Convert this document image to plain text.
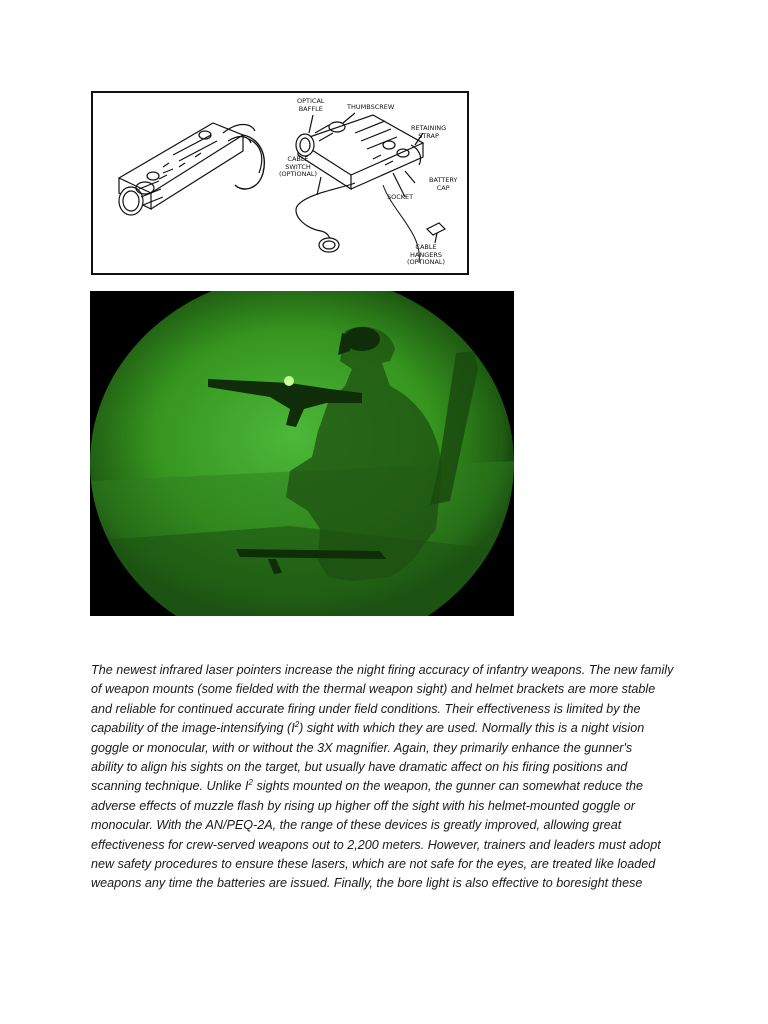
OPTICAL
BAFFLE	THUMBSCREW
RETAINING
STRAP
CABLE
SWITCH
(OPTIONAL)
BATTERY
CAP
SOCKET
CABLE
HANGERS
(OPTIONAL)
The newest infrared laser pointers increase the night firing accuracy of infantry weapons. The new family
of weapon mounts (some fielded with the thermal weapon sight) and helmet brackets are more stable
and reliable for continued accurate firing under field conditions. Their effectiveness is limited by the
capability of the image-intensifying $(I^2)$ sight with which they are used. Normally this is a night vision
goggle or monocular, with or without the 3X magnifier. Again, they primarily enhance the gunner's
ability to align his sights on the target, but usually have dramatic affect on his firing positions and
scanning technique. Unlike $I^2$ sights mounted on the weapon, the gunner can somewhat reduce the
adverse effects of muzzle flash by rising up higher off the sight with his helmet-mounted goggle or
monocular. With the AN/PEQ-2A, the range of these devices is greatly improved, allowing great
effectiveness for crew-served weapons out to 2,200 meters. However, trainers and leaders must adopt
new safety procedures to ensure these lasers, which are not safe for the eyes, are treated like loaded
weapons any time the batteries are issued. Finally, the bore light is also effective to boresight these
